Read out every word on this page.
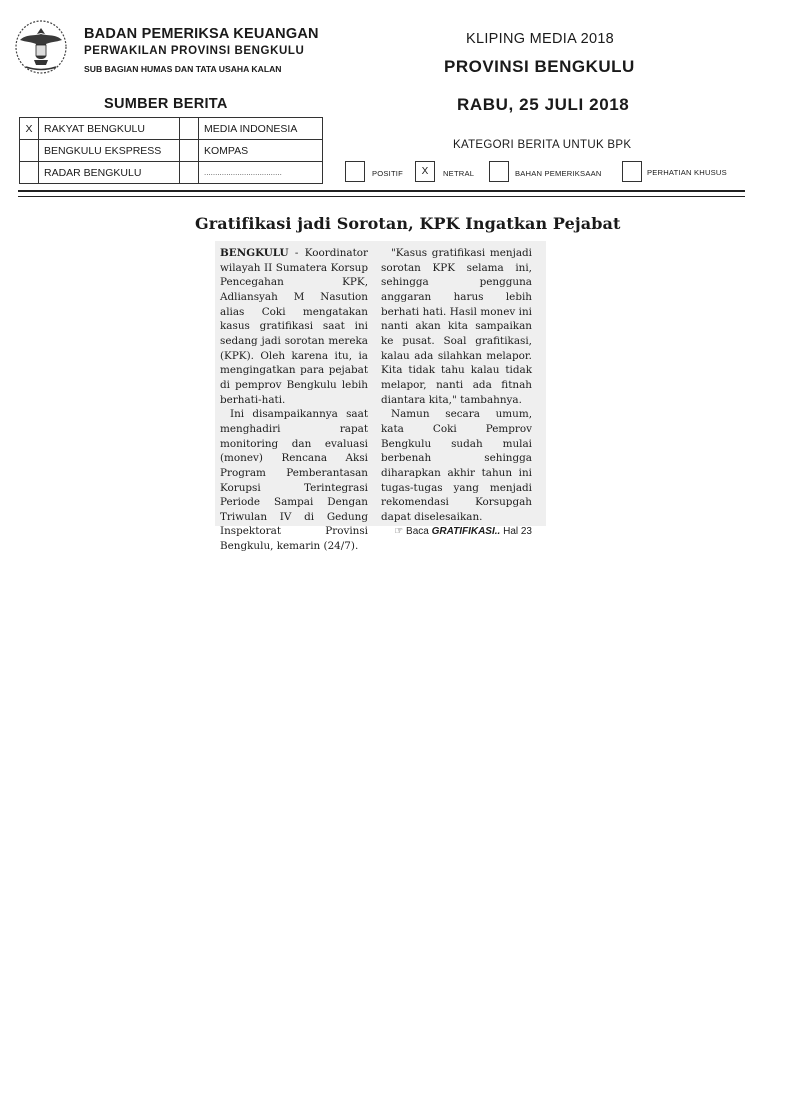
BADAN PEMERIKSA KEUANGAN
PERWAKILAN PROVINSI BENGKULU
SUB BAGIAN HUMAS DAN TATA USAHA KALAN
KLIPING MEDIA 2018
PROVINSI BENGKULU
RABU, 25 JULI 2018
SUMBER BERITA
X	RAKYAT BENGKULU		MEDIA INDONESIA
	BENGKULU EKSPRESS		KOMPAS
	RADAR BENGKULU		...................................
KATEGORI BERITA UNTUK BPK
POSITIF	X	NETRAL	BAHAN PEMERIKSAAN	PERHATIAN KHUSUS
Gratifikasi jadi Sorotan, KPK Ingatkan Pejabat

BENGKULU - Koordinator wilayah II Sumatera Korsup Pencegahan KPK, Adliansyah M Nasution alias Coki mengatakan kasus gratifikasi saat ini sedang jadi sorotan mereka (KPK). Oleh karena itu, ia mengingatkan para pejabat di pemprov Bengkulu lebih berhati-hati.

Ini disampaikannya saat menghadiri rapat monitoring dan evaluasi (monev) Rencana Aksi Program Pemberantasan Korupsi Terintegrasi Periode Sampai Dengan Triwulan IV di Gedung Inspektorat Provinsi Bengkulu, kemarin (24/7).

"Kasus gratifikasi menjadi sorotan KPK selama ini, sehingga pengguna anggaran harus lebih berhati hati. Hasil monev ini nanti akan kita sampaikan ke pusat. Soal grafitikasi, kalau ada silahkan melapor. Kita tidak tahu kalau tidak melapor, nanti ada fitnah diantara kita," tambahnya.

Namun secara umum, kata Coki Pemprov Bengkulu sudah mulai berbenah sehingga diharapkan akhir tahun ini tugas-tugas yang menjadi rekomendasi Korsupgah dapat diselesaikan.

☞ Baca GRATIFIKASI.. Hal 23
